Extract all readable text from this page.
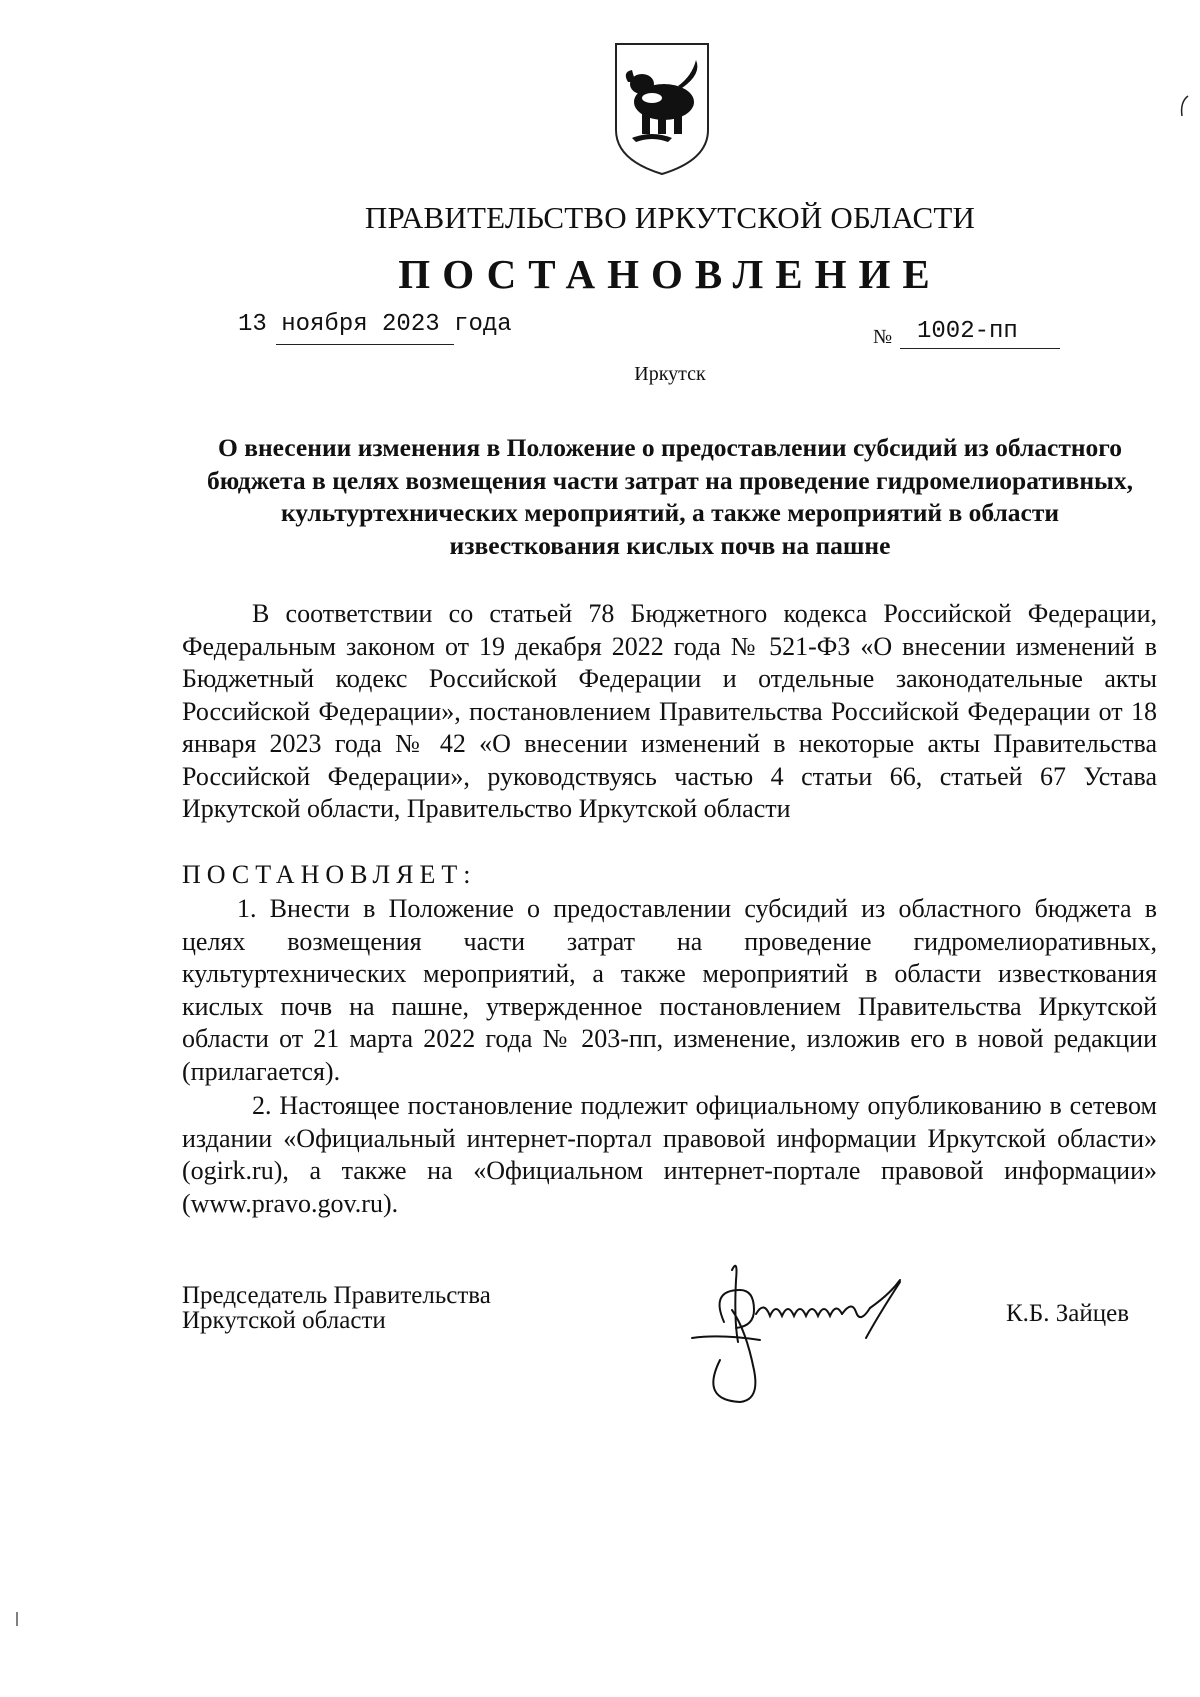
ПРАВИТЕЛЬСТВО ИРКУТСКОЙ ОБЛАСТИ
ПОСТАНОВЛЕНИЕ
13 ноября 2023 года	№ 1002-пп
Иркутск
О внесении изменения в Положение о предоставлении субсидий из областного бюджета в целях возмещения части затрат на проведение гидромелиоративных, культуртехнических мероприятий, а также мероприятий в области известкования кислых почв на пашне
В соответствии со статьей 78 Бюджетного кодекса Российской Федерации, Федеральным законом от 19 декабря 2022 года № 521-ФЗ «О внесении изменений в Бюджетный кодекс Российской Федерации и отдельные законодательные акты Российской Федерации», постановлением Правительства Российской Федерации от 18 января 2023 года № 42 «О внесении изменений в некоторые акты Правительства Российской Федерации», руководствуясь частью 4 статьи 66, статьей 67 Устава Иркутской области, Правительство Иркутской области
ПОСТАНОВЛЯЕТ:
1. Внести в Положение о предоставлении субсидий из областного бюджета в целях возмещения части затрат на проведение гидромелиоративных, культуртехнических мероприятий, а также мероприятий в области известкования кислых почв на пашне, утвержденное постановлением Правительства Иркутской области от 21 марта 2022 года № 203-пп, изменение, изложив его в новой редакции (прилагается).
2. Настоящее постановление подлежит официальному опубликованию в сетевом издании «Официальный интернет-портал правовой информации Иркутской области» (ogirk.ru), а также на «Официальном интернет-портале правовой информации» (www.pravo.gov.ru).
Председатель Правительства
Иркутской области	К.Б. Зайцев
